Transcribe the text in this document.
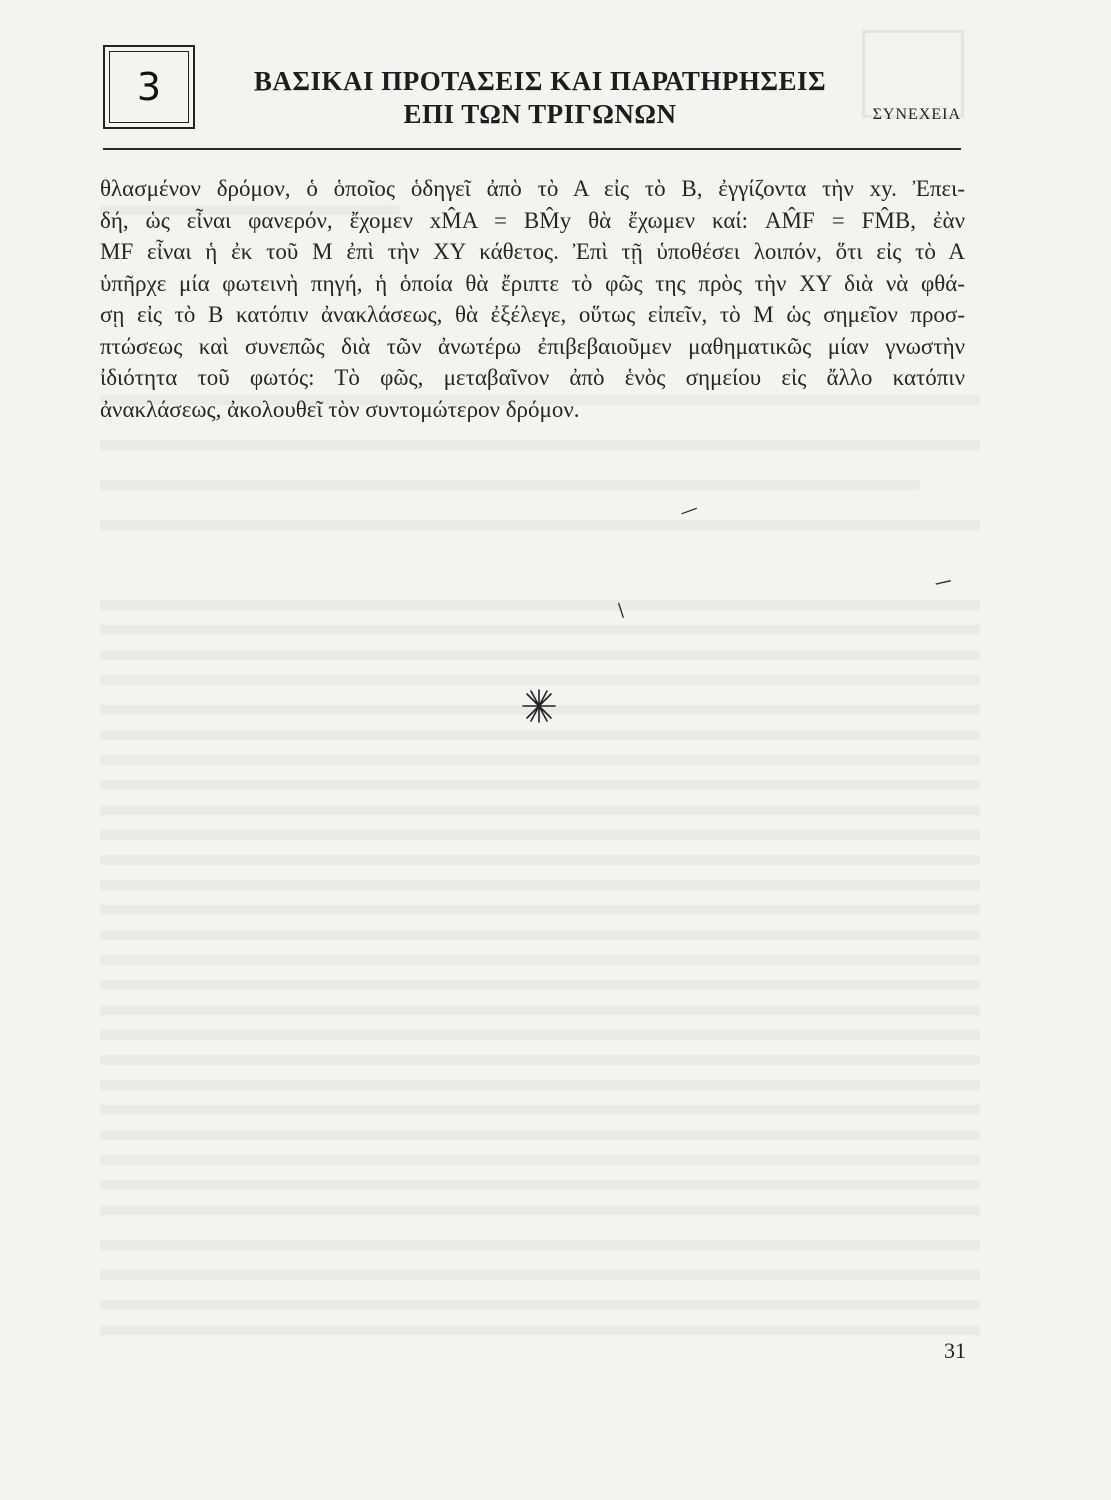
3	ΒΑΣΙΚΑΙ ΠΡΟΤΑΣΕΙΣ ΚΑΙ ΠΑΡΑΤΗΡΗΣΕΙΣ
ΕΠΙ ΤΩΝ ΤΡΙΓΩΝΩΝ	ΣΥΝΕΧΕΙΑ
θλασμένον δρόμον, ὁ ὁποῖος ὁδηγεῖ ἀπὸ τὸ Α εἰς τὸ Β, ἐγγίζοντα τὴν xy. Ἐπει-
δή, ὡς εἶναι φανερόν, ἔχομεν xM̂A = BM̂y θὰ ἔχωμεν καί: AM̂F = FM̂B, ἐὰν
MF εἶναι ἡ ἐκ τοῦ M ἐπὶ τὴν XY κάθετος. Ἐπὶ τῇ ὑποθέσει λοιπόν, ὅτι εἰς τὸ Α
ὑπῆρχε μία φωτεινὴ πηγή, ἡ ὁποία θὰ ἔριπτε τὸ φῶς της πρὸς τὴν XY διὰ νὰ φθά-
σῃ εἰς τὸ Β κατόπιν ἀνακλάσεως, θὰ ἐξέλεγε, οὕτως εἰπεῖν, τὸ M ὡς σημεῖον προσ-
πτώσεως καὶ συνεπῶς διὰ τῶν ἀνωτέρω ἐπιβεβαιοῦμεν μαθηματικῶς μίαν γνωστὴν
ἰδιότητα τοῦ φωτός: Τὸ φῶς, μεταβαῖνον ἀπὸ ἑνὸς σημείου εἰς ἄλλο κατόπιν
ἀνακλάσεως, ἀκολουθεῖ τὸν συντομώτερον δρόμον.
—
/
/
31
